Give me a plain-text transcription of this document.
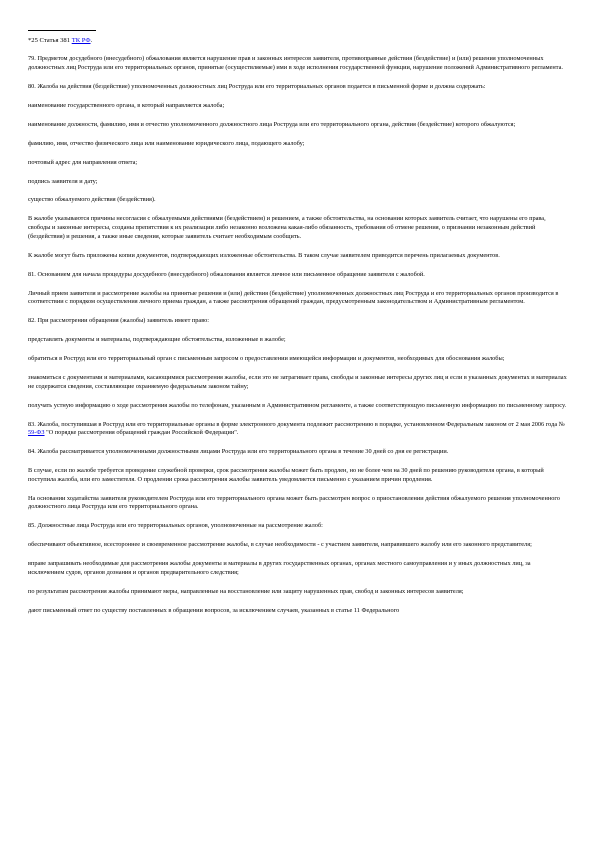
*25 Статья 381 ТК РФ.

79. Предметом досудебного (внесудебного) обжалования является нарушение прав и законных интересов заявителя, противоправные действия (бездействие) и (или) решения уполномоченных должностных лиц Роструда или его территориальных органов, принятые (осуществляемые) ими в ходе исполнения государственной функции, нарушение положений Административного регламента.

80. Жалоба на действия (бездействие) уполномоченных должностных лиц Роструда или его территориальных органов подается в письменной форме и должна содержать:

наименование государственного органа, в который направляется жалоба;

наименование должности, фамилию, имя и отчество уполномоченного должностного лица Роструда или его территориального органа, действия (бездействие) которого обжалуются;

фамилию, имя, отчество физического лица или наименование юридического лица, подающего жалобу;

почтовый адрес для направления ответа;

подпись заявителя и дату;

существо обжалуемого действия (бездействия).

В жалобе указываются причины несогласия с обжалуемыми действиями (бездействием) и решением, а также обстоятельства, на основании которых заявитель считает, что нарушены его права, свободы и законные интересы, созданы препятствия к их реализации либо незаконно возложена какая-либо обязанность, требования об отмене решения, о признании незаконным действий (бездействия) и решения, а также иные сведения, которые заявитель считает необходимым сообщить.

К жалобе могут быть приложены копии документов, подтверждающих изложенные обстоятельства. В таком случае заявителем приводится перечень прилагаемых документов.

81. Основанием для начала процедуры досудебного (внесудебного) обжалования является личное или письменное обращение заявителя с жалобой.

Личный прием заявителя и рассмотрение жалобы на принятые решения и (или) действия (бездействие) уполномоченных должностных лиц Роструда и его территориальных органов производится в соответствии с порядком осуществления личного приема граждан, а также рассмотрения обращений граждан, предусмотренным законодательством и Административным регламентом.

82. При рассмотрении обращения (жалобы) заявитель имеет право:

представлять документы и материалы, подтверждающие обстоятельства, изложенные в жалобе;

обратиться в Роструд или его территориальный орган с письменным запросом о предоставлении имеющейся информации и документов, необходимых для обоснования жалобы;

знакомиться с документами и материалами, касающимися рассмотрения жалобы, если это не затрагивает права, свободы и законные интересы других лиц и если в указанных документах и материалах не содержатся сведения, составляющие охраняемую федеральным законом тайну;

получать устную информацию о ходе рассмотрения жалобы по телефонам, указанным в Административном регламенте, а также соответствующую письменную информацию по письменному запросу.

83. Жалоба, поступившая в Роструд или его территориальные органы в форме электронного документа подлежит рассмотрению в порядке, установленном Федеральным законом от 2 мая 2006 года № 59-ФЗ "О порядке рассмотрения обращений граждан Российской Федерации".

84. Жалоба рассматривается уполномоченными должностными лицами Роструда или его территориального органа в течение 30 дней со дня ее регистрации.

В случае, если по жалобе требуется проведение служебной проверки, срок рассмотрения жалобы может быть продлен, но не более чем на 30 дней по решению руководителя органа, в который поступила жалоба, или его заместителя. О продлении срока рассмотрения жалобы заявитель уведомляется письменно с указанием причин продления.

На основании ходатайства заявителя руководителем Роструда или его территориального органа может быть рассмотрен вопрос о приостановлении действия обжалуемого решения уполномоченного должностного лица Роструда или его территориального органа.

85. Должностные лица Роструда или его территориальных органов, уполномоченные на рассмотрение жалоб:

обеспечивают объективное, всестороннее и своевременное рассмотрение жалобы, в случае необходимости - с участием заявителя, направившего жалобу или его законного представителя;

вправе запрашивать необходимые для рассмотрения жалобы документы и материалы в других государственных органах, органах местного самоуправления и у иных должностных лиц, за исключением судов, органов дознания и органов предварительного следствия;

по результатам рассмотрения жалобы принимают меры, направленные на восстановление или защиту нарушенных прав, свобод и законных интересов заявителя;

дают письменный ответ по существу поставленных в обращении вопросов, за исключением случаев, указанных в статье 11 Федерального
